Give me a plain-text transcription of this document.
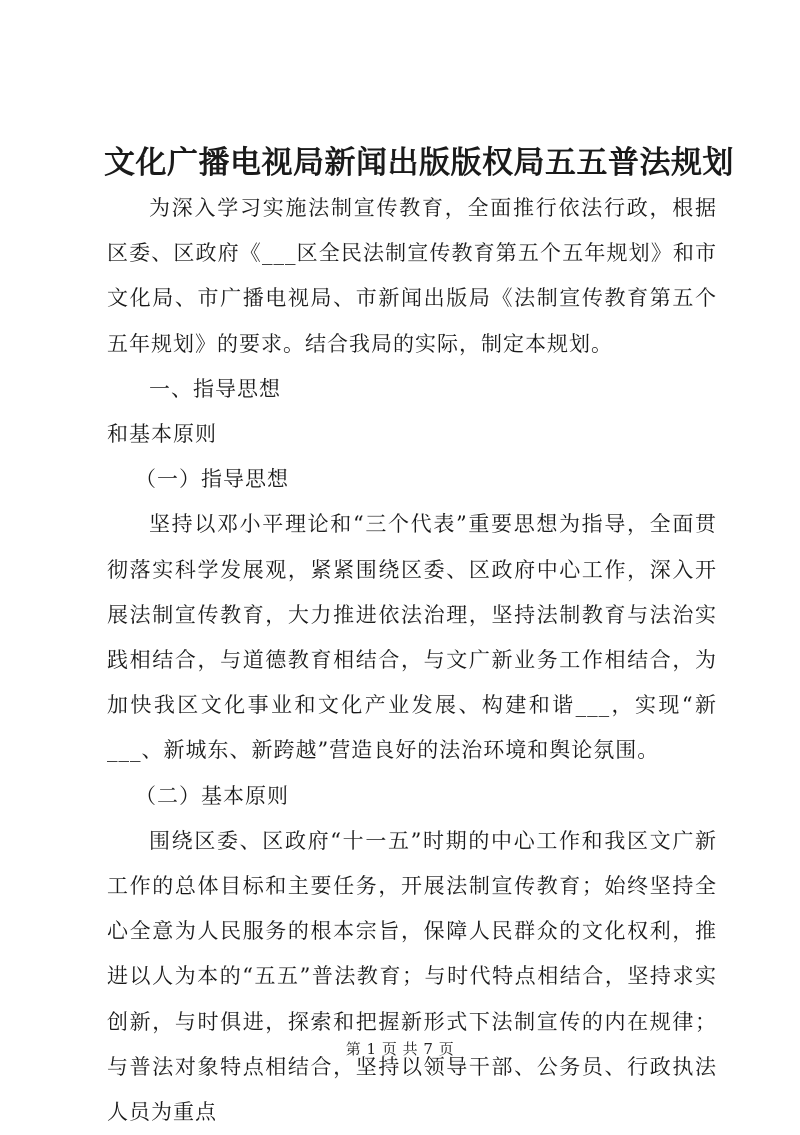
文化广播电视局新闻出版版权局五五普法规划

为深入学习实施法制宣传教育，全面推行依法行政，根据区委、区政府《___区全民法制宣传教育第五个五年规划》和市文化局、市广播电视局、市新闻出版局《法制宣传教育第五个五年规划》的要求。结合我局的实际，制定本规划。

一、指导思想

和基本原则

（一）指导思想

坚持以邓小平理论和“三个代表”重要思想为指导，全面贯彻落实科学发展观，紧紧围绕区委、区政府中心工作，深入开展法制宣传教育，大力推进依法治理，坚持法制教育与法治实践相结合，与道德教育相结合，与文广新业务工作相结合，为加快我区文化事业和文化产业发展、构建和谐___，实现“新___、新城东、新跨越”营造良好的法治环境和舆论氛围。

（二）基本原则

围绕区委、区政府“十一五”时期的中心工作和我区文广新工作的总体目标和主要任务，开展法制宣传教育；始终坚持全心全意为人民服务的根本宗旨，保障人民群众的文化权利，推进以人为本的“五五”普法教育；与时代特点相结合，坚持求实创新，与时俱进，探索和把握新形式下法制宣传的内在规律；与普法对象特点相结合，坚持以领导干部、公务员、行政执法人员为重点

第 1 页 共 7 页
